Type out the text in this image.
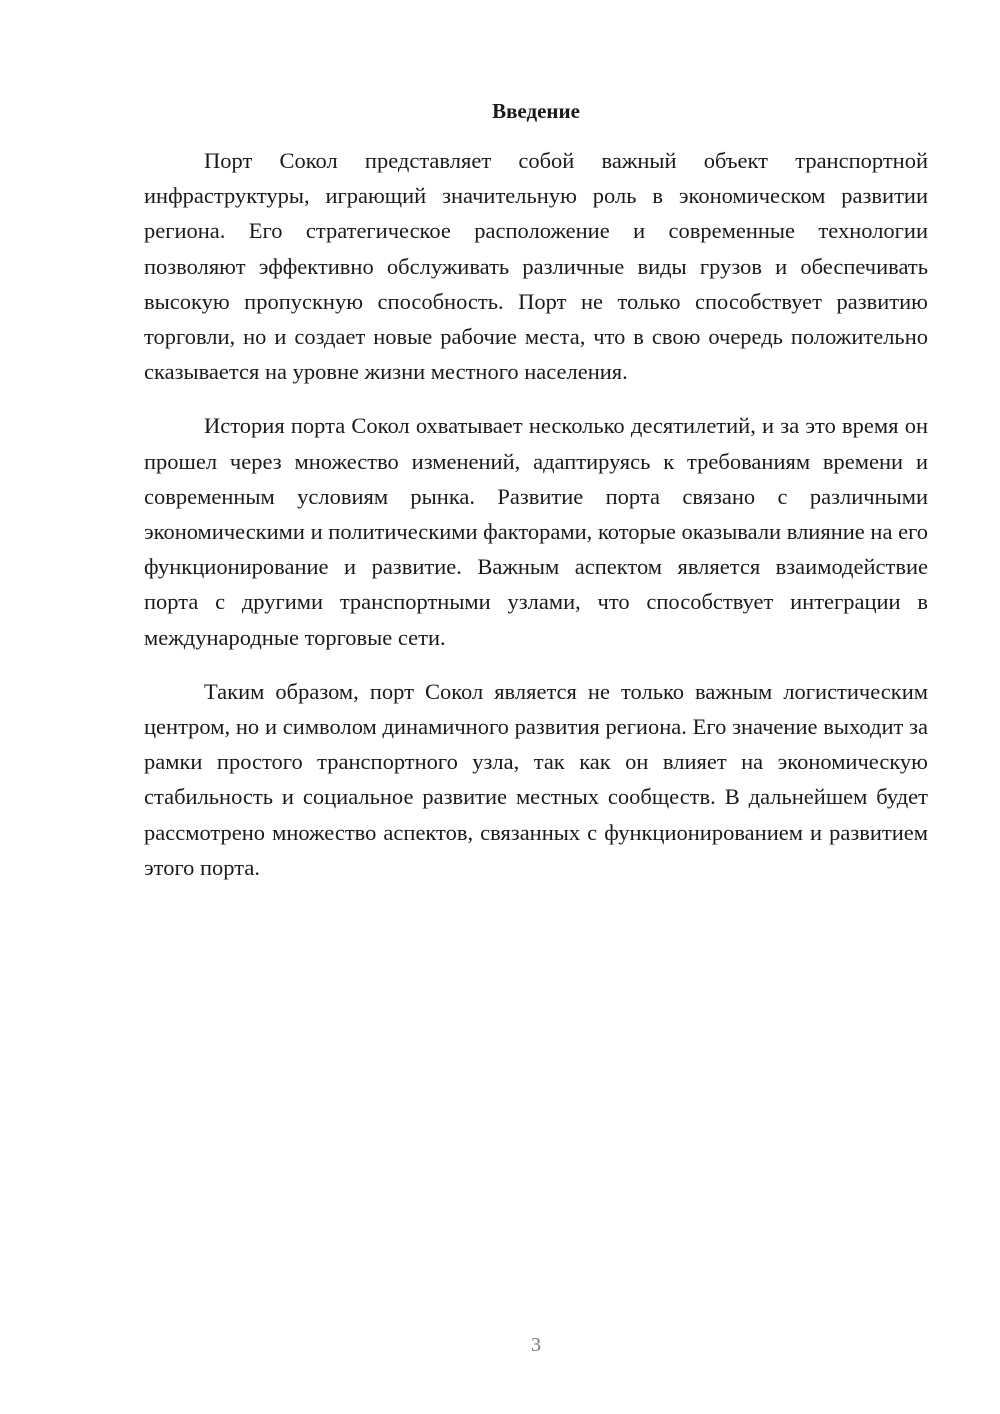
Введение

Порт Сокол представляет собой важный объект транспортной инфраструктуры, играющий значительную роль в экономическом развитии региона. Его стратегическое расположение и современные технологии позволяют эффективно обслуживать различные виды грузов и обеспечивать высокую пропускную способность. Порт не только способствует развитию торговли, но и создает новые рабочие места, что в свою очередь положительно сказывается на уровне жизни местного населения.

История порта Сокол охватывает несколько десятилетий, и за это время он прошел через множество изменений, адаптируясь к требованиям времени и современным условиям рынка. Развитие порта связано с различными экономическими и политическими факторами, которые оказывали влияние на его функционирование и развитие. Важным аспектом является взаимодействие порта с другими транспортными узлами, что способствует интеграции в международные торговые сети.

Таким образом, порт Сокол является не только важным логистическим центром, но и символом динамичного развития региона. Его значение выходит за рамки простого транспортного узла, так как он влияет на экономическую стабильность и социальное развитие местных сообществ. В дальнейшем будет рассмотрено множество аспектов, связанных с функционированием и развитием этого порта.

3
